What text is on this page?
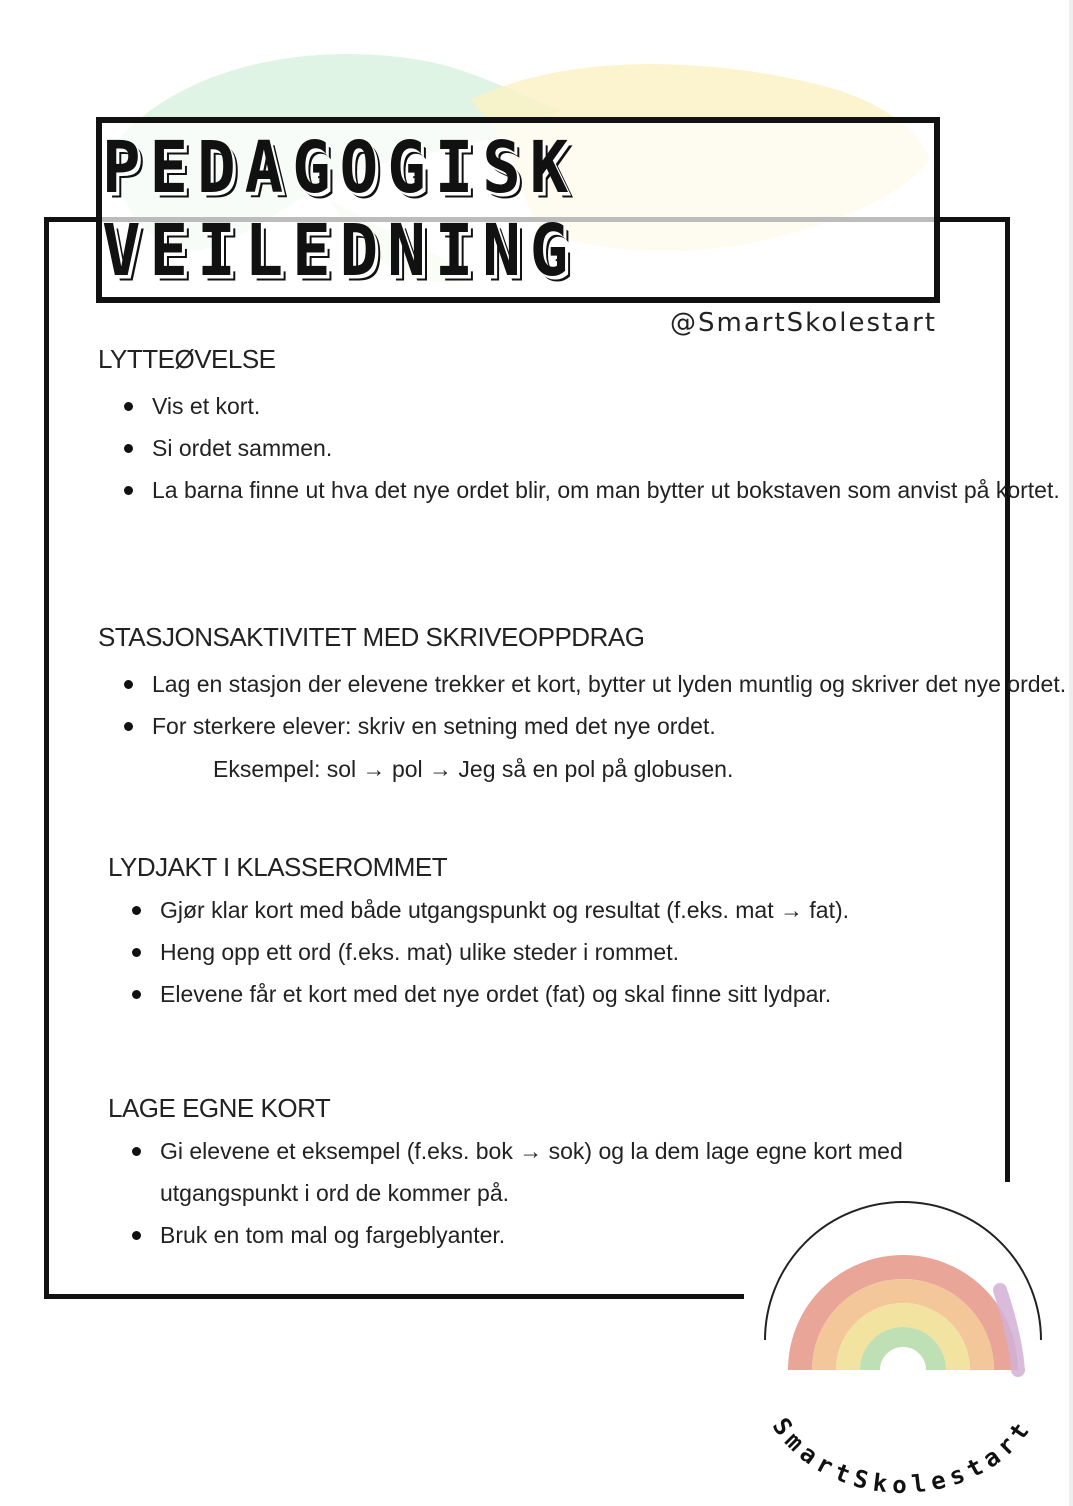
PEDAGOGISK VEILEDNING
@SmartSkolestart
LYTTEØVELSE
Vis et kort.
Si ordet sammen.
La barna finne ut hva det nye ordet blir, om man bytter ut bokstaven som anvist på kortet.
STASJONSAKTIVITET MED SKRIVEOPPDRAG
Lag en stasjon der elevene trekker et kort, bytter ut lyden muntlig og skriver det nye ordet.
For sterkere elever: skriv en setning med det nye ordet.
Eksempel: sol → pol → Jeg så en pol på globusen.
LYDJAKT I KLASSEROMMET
Gjør klar kort med både utgangspunkt og resultat (f.eks. mat → fat).
Heng opp ett ord (f.eks. mat) ulike steder i rommet.
Elevene får et kort med det nye ordet (fat) og skal finne sitt lydpar.
LAGE EGNE KORT
Gi elevene et eksempel (f.eks. bok → sok) og la dem lage egne kort med utgangspunkt i ord de kommer på.
Bruk en tom mal og fargeblyanter.
SmartSkolestart
